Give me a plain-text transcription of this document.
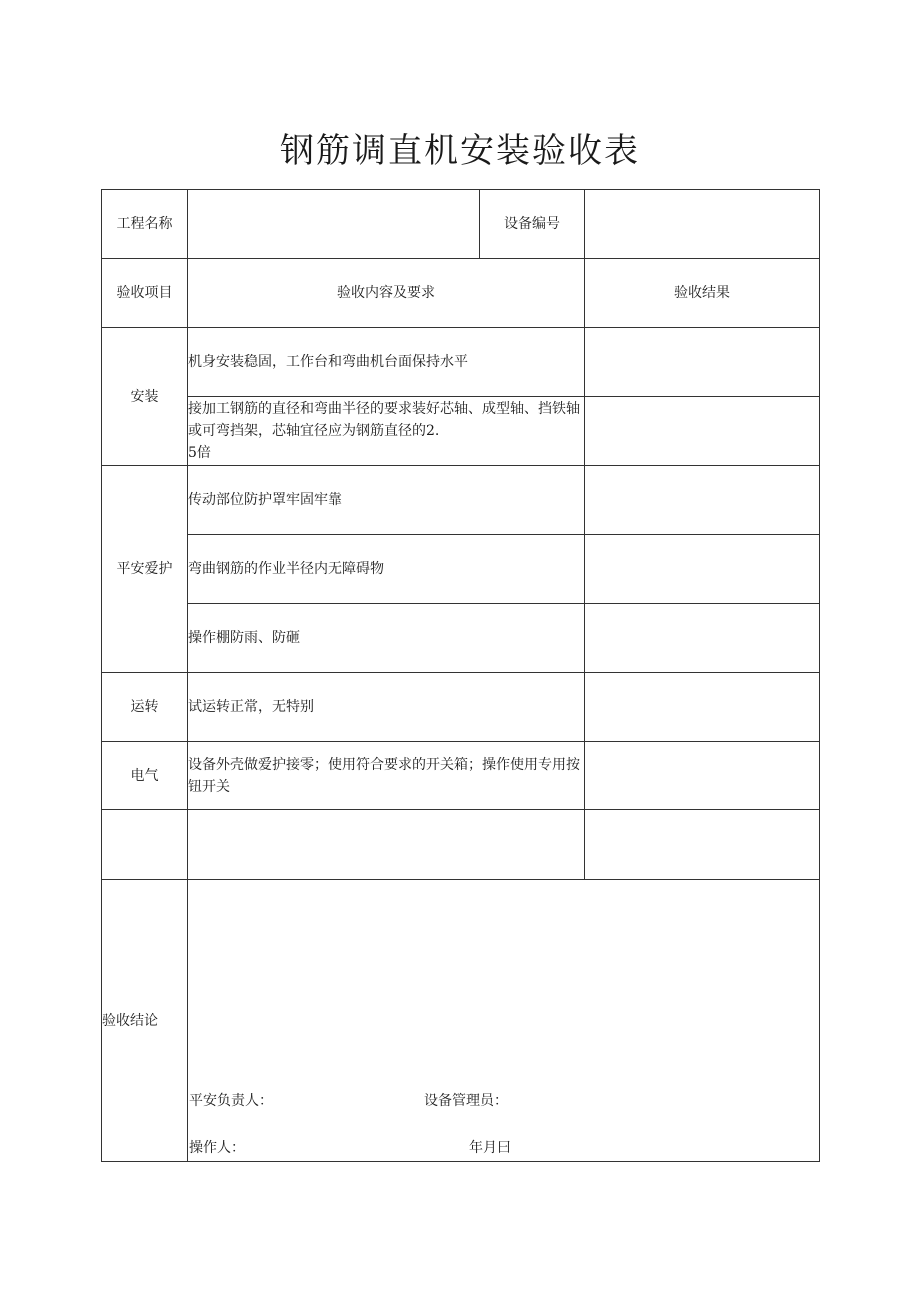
钢筋调直机安装验收表
工程名称		设备编号	
验收项目	验收内容及要求		验收结果
安装	机身安装稳固，工作台和弯曲机台面保持水平		
	接加工钢筋的直径和弯曲半径的要求装好芯轴、成型轴、挡铁轴或可弯挡架，芯轴宜径应为钢筋直径的2.
5倍		
平安爱护	传动部位防护罩牢固牢靠		
	弯曲钢筋的作业半径内无障碍物		
	操作棚防雨、防砸		
运转	试运转正常，无特别		
电气	设备外壳做爱护接零；使用符合要求的开关箱；操作使用专用按钮开关		

验收结论	平安负责人： 设备管理员：
操作人： 年月曰		
